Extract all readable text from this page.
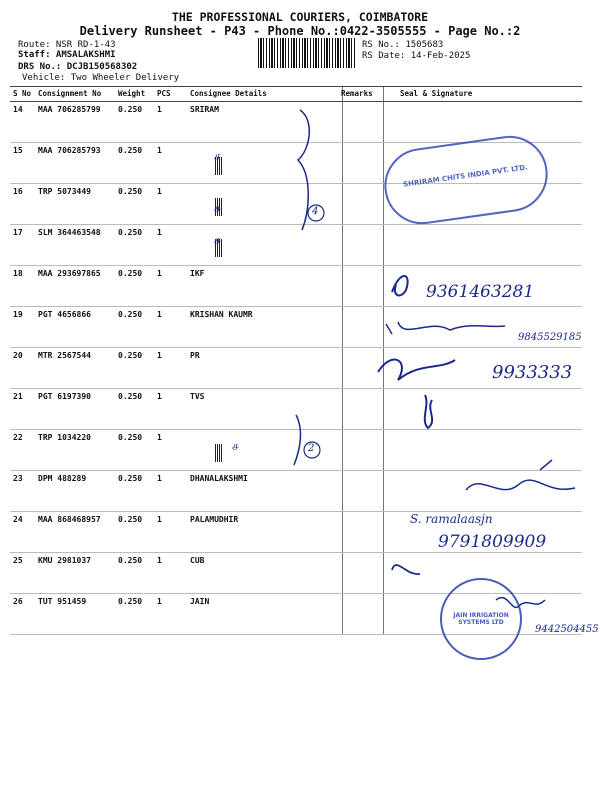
THE PROFESSIONAL COURIERS, COIMBATORE
Delivery Runsheet - P43 - Phone No.:0422-3505555 - Page No.:2
Route: NSR RD-1-43
Staff: AMSALAKSHMI
DRS No.: DCJB150568302
Vehicle: Two Wheeler Delivery
RS No.: 1505683
RS Date: 14-Feb-2025
S No Consignment No Weight PCS	Consignee Details	Remarks	Seal & Signature
14 MAA 706285799 0.250 1	SRIRAM
15 MAA 706285793 0.250 1
16 TRP 5073449	0.250 1
17 SLM 364463548 0.250 1
18 MAA 293697865 0.250 1	IKF
19 PGT 4656866	0.250 1	KRISHAN KAUMR
20 MTR 2567544	0.250 1	PR
21 PGT 6197390	0.250 1	TVS
22 TRP 1034220	0.250 1
23 DPM 488289	0.250 1	DHANALAKSHMI
24 MAA 868468957 0.250 1	PALAMUDHIR
25 KMU 2981037	0.250 1	CUB
26 TUT 951459	0.250 1	JAIN
ச
ச
ச
ச
4
2
9361463281
9845529185
9933333
S. ramalaasjn
9791809909
9442504455
SHRIRAM CHITS INDIA PVT. LTD.
JAIN IRRIGATION SYSTEMS LTD
